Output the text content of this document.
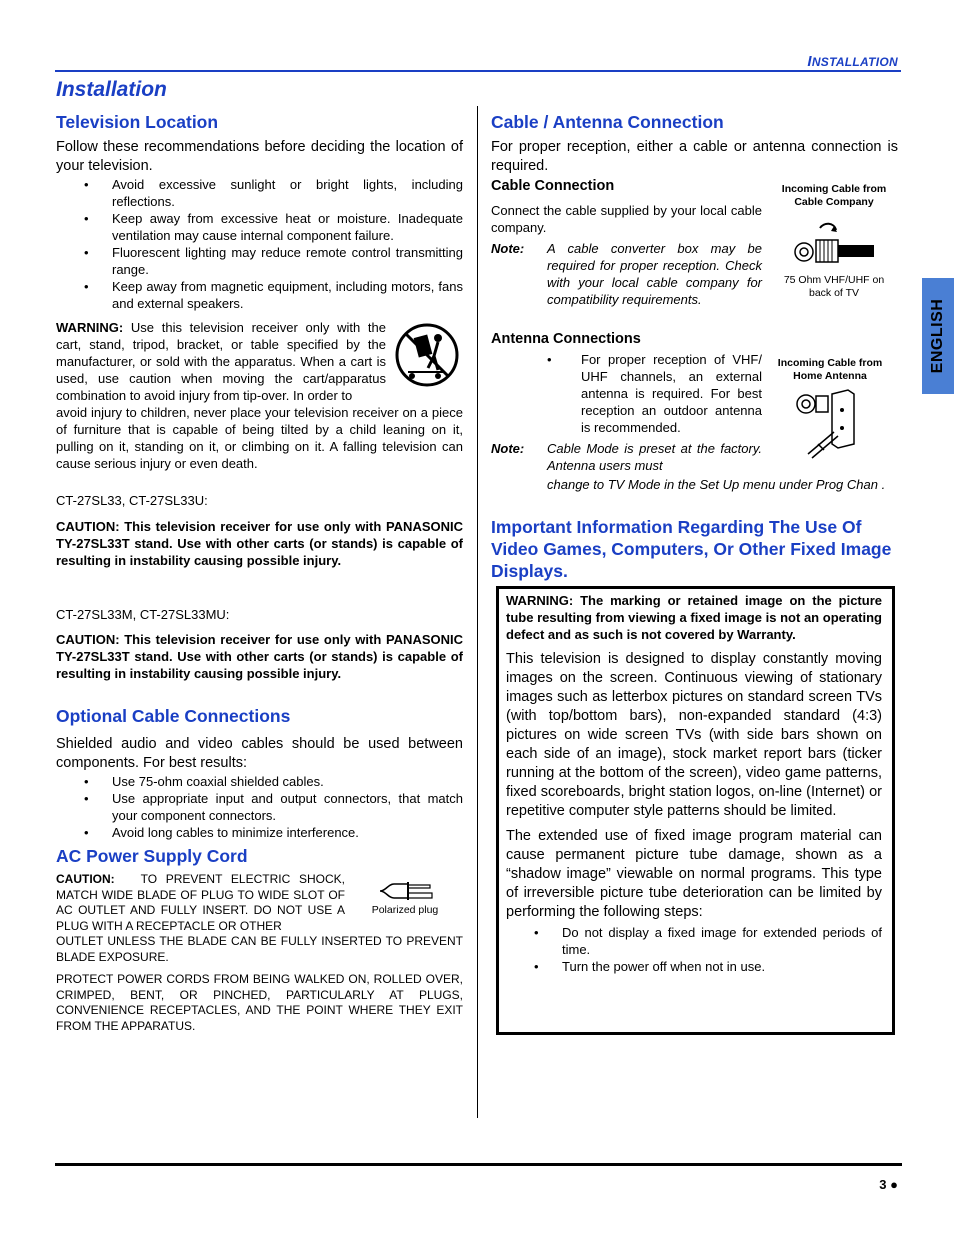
INSTALLATION
Installation
ENGLISH
Television Location
Follow these recommendations before deciding the location of your television.
• Avoid excessive sunlight or bright lights, including reflections.
• Keep away from excessive heat or moisture. Inadequate ventilation may cause internal component failure.
• Fluorescent lighting may reduce remote control transmitting range.
• Keep away from magnetic equipment, including motors, fans and external speakers.
WARNING: Use this television receiver only with the cart, stand, tripod, bracket, or table specified by the manufacturer, or sold with the apparatus. When a cart is used, use caution when moving the cart/apparatus combination to avoid injury from tip-over. In order to
avoid injury to children, never place your television receiver on a piece of furniture that is capable of being tilted by a child leaning on it, pulling on it, standing on it, or climbing on it. A falling television can cause serious injury or even death.
CT-27SL33, CT-27SL33U:
CAUTION: This television receiver for use only with PANASONIC TY-27SL33T stand. Use with other carts (or stands) is capable of resulting in instability causing possible injury.
CT-27SL33M, CT-27SL33MU:
CAUTION: This television receiver for use only with PANASONIC TY-27SL33T stand. Use with other carts (or stands) is capable of resulting in instability causing possible injury.
Optional Cable Connections
Shielded audio and video cables should be used between components. For best results:
• Use 75-ohm coaxial shielded cables.
• Use appropriate input and output connectors, that match your component connectors.
• Avoid long cables to minimize interference.
AC Power Supply Cord
CAUTION: TO PREVENT ELECTRIC SHOCK, MATCH WIDE BLADE OF PLUG TO WIDE SLOT OF AC OUTLET AND FULLY INSERT. DO NOT USE A PLUG WITH A RECEPTACLE OR OTHER
Polarized plug
OUTLET UNLESS THE BLADE CAN BE FULLY INSERTED TO PREVENT BLADE EXPOSURE.
PROTECT POWER CORDS FROM BEING WALKED ON, ROLLED OVER, CRIMPED, BENT, OR PINCHED, PARTICULARLY AT PLUGS, CONVENIENCE RECEPTACLES, AND THE POINT WHERE THEY EXIT FROM THE APPARATUS.
Cable / Antenna Connection
For proper reception, either a cable or antenna connection is required.
Cable Connection
Connect the cable supplied by your local cable company.
Note:	A cable converter box may be required for proper reception. Check with your local cable company for compatibility requirements.
Incoming Cable from Cable Company
75 Ohm VHF/UHF on back of TV
Antenna Connections
• For proper reception of VHF/ UHF channels, an external antenna is required. For best reception an outdoor antenna is recommended.
Note:	Cable Mode is preset at the factory. Antenna users must
Incoming Cable from Home Antenna
change to TV Mode in the Set Up menu under Prog Chan .
Important Information Regarding The Use Of Video Games, Computers, Or Other Fixed Image Displays.
WARNING: The marking or retained image on the picture tube resulting from viewing a fixed image is not an operating defect and as such is not covered by Warranty.
This television is designed to display constantly moving images on the screen. Continuous viewing of stationary images such as letterbox pictures on standard screen TVs (with top/bottom bars), non-expanded standard (4:3) pictures on wide screen TVs (with side bars shown on each side of an image), stock market report bars (ticker running at the bottom of the screen), video game patterns, fixed scoreboards, bright station logos, on-line (Internet) or repetitive computer style patterns should be limited.
The extended use of fixed image program material can cause permanent picture tube damage, shown as a “shadow image” viewable on normal programs. This type of irreversible picture tube deterioration can be limited by performing the following steps:
• Do not display a fixed image for extended periods of time.
• Turn the power off when not in use.
3 ●
